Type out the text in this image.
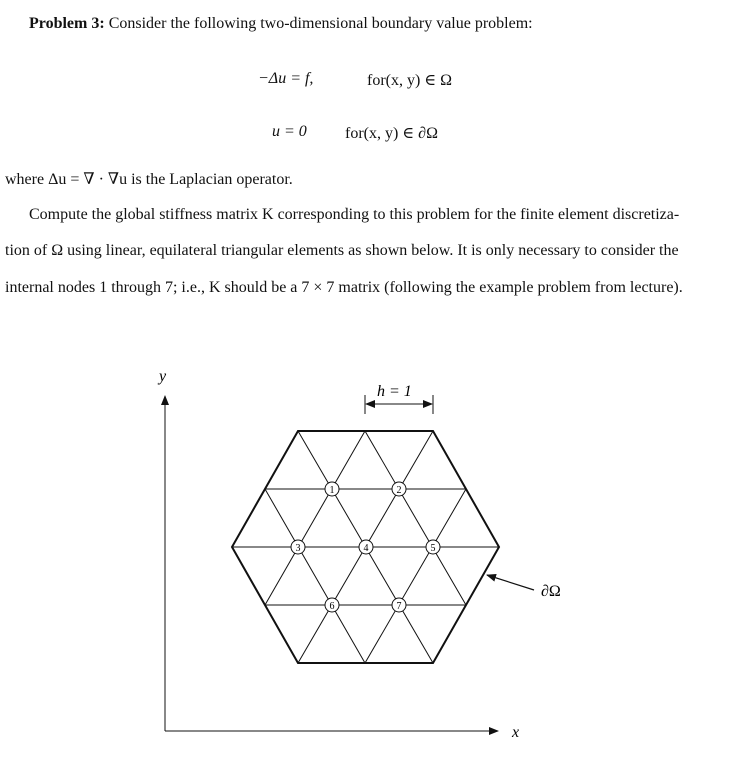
Problem 3: Consider the following two-dimensional boundary value problem:
−Δu = f,	for(x, y) ∈ Ω
u = 0 for(x, y) ∈ ∂Ω
where Δu = ∇ · ∇u is the Laplacian operator.
Compute the global stiffness matrix K corresponding to this problem for the finite element discretiza-
tion of Ω using linear, equilateral triangular elements as shown below. It is only necessary to consider the
internal nodes 1 through 7; i.e., K should be a 7 × 7 matrix (following the example problem from lecture).
y
x
h = 1
∂Ω
1	2
3	4	5
6	7
